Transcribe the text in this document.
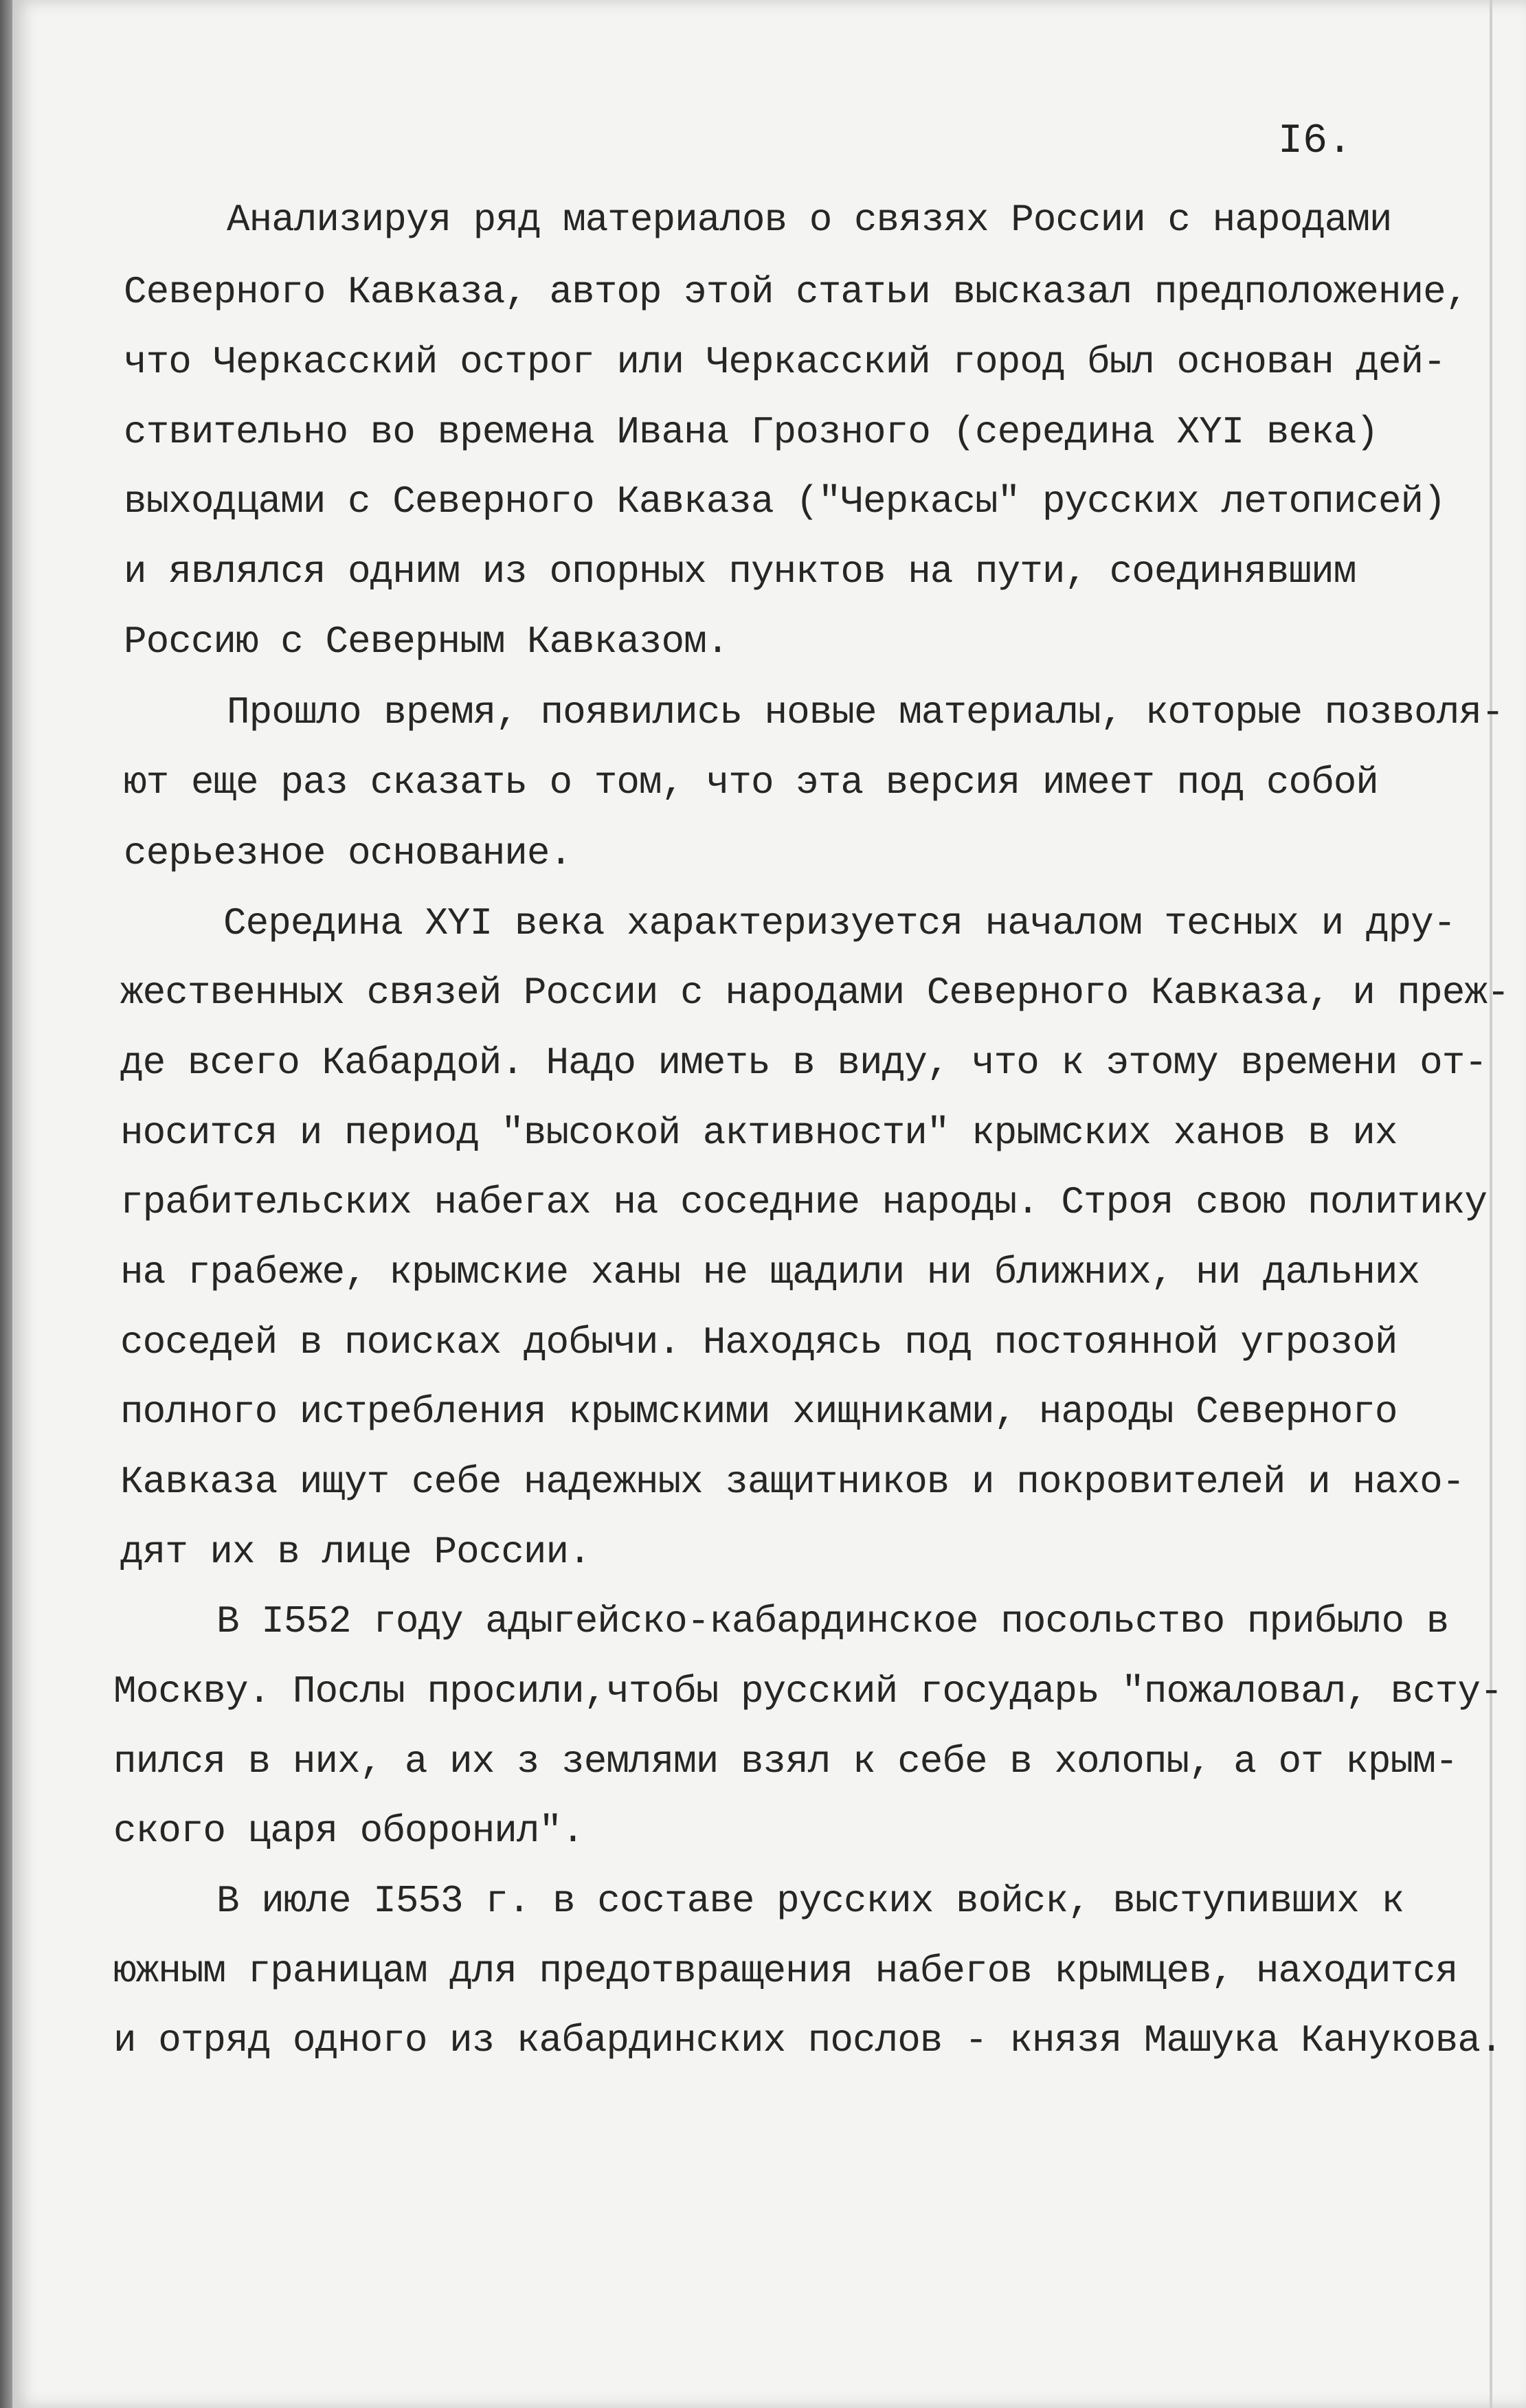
I6.
Анализируя ряд материалов о связях России с народами
Северного Кавказа, автор этой статьи высказал предположение,
что Черкасский острог или Черкасский город был основан дей-
ствительно во времена Ивана Грозного (середина XYI века)
выходцами с Северного Кавказа ("Черкасы" русских летописей)
и являлся одним из опорных пунктов на пути, соединявшим
Россию с Северным Кавказом.
Прошло время, появились новые материалы, которые позволя-
ют еще раз сказать о том, что эта версия имеет под собой
серьезное основание.
Середина XYI века характеризуется началом тесных и дру-
жественных связей России с народами Северного Кавказа, и преж-
де всего Кабардой. Надо иметь в виду, что к этому времени от-
носится и период "высокой активности" крымских ханов в их
грабительских набегах на соседние народы. Строя свою политику
на грабеже, крымские ханы не щадили ни ближних, ни дальних
соседей в поисках добычи. Находясь под постоянной угрозой
полного истребления крымскими хищниками, народы Северного
Кавказа ищут себе надежных защитников и покровителей и нахо-
дят их в лице России.
В I552 году адыгейско-кабардинское посольство прибыло в
Москву. Послы просили,чтобы русский государь "пожаловал, всту-
пился в них, а их з землями взял к себе в холопы, а от крым-
ского царя оборонил".
В июле I553 г. в составе русских войск, выступивших к
южным границам для предотвращения набегов крымцев, находится
и отряд одного из кабардинских послов - князя Машука Канукова.
